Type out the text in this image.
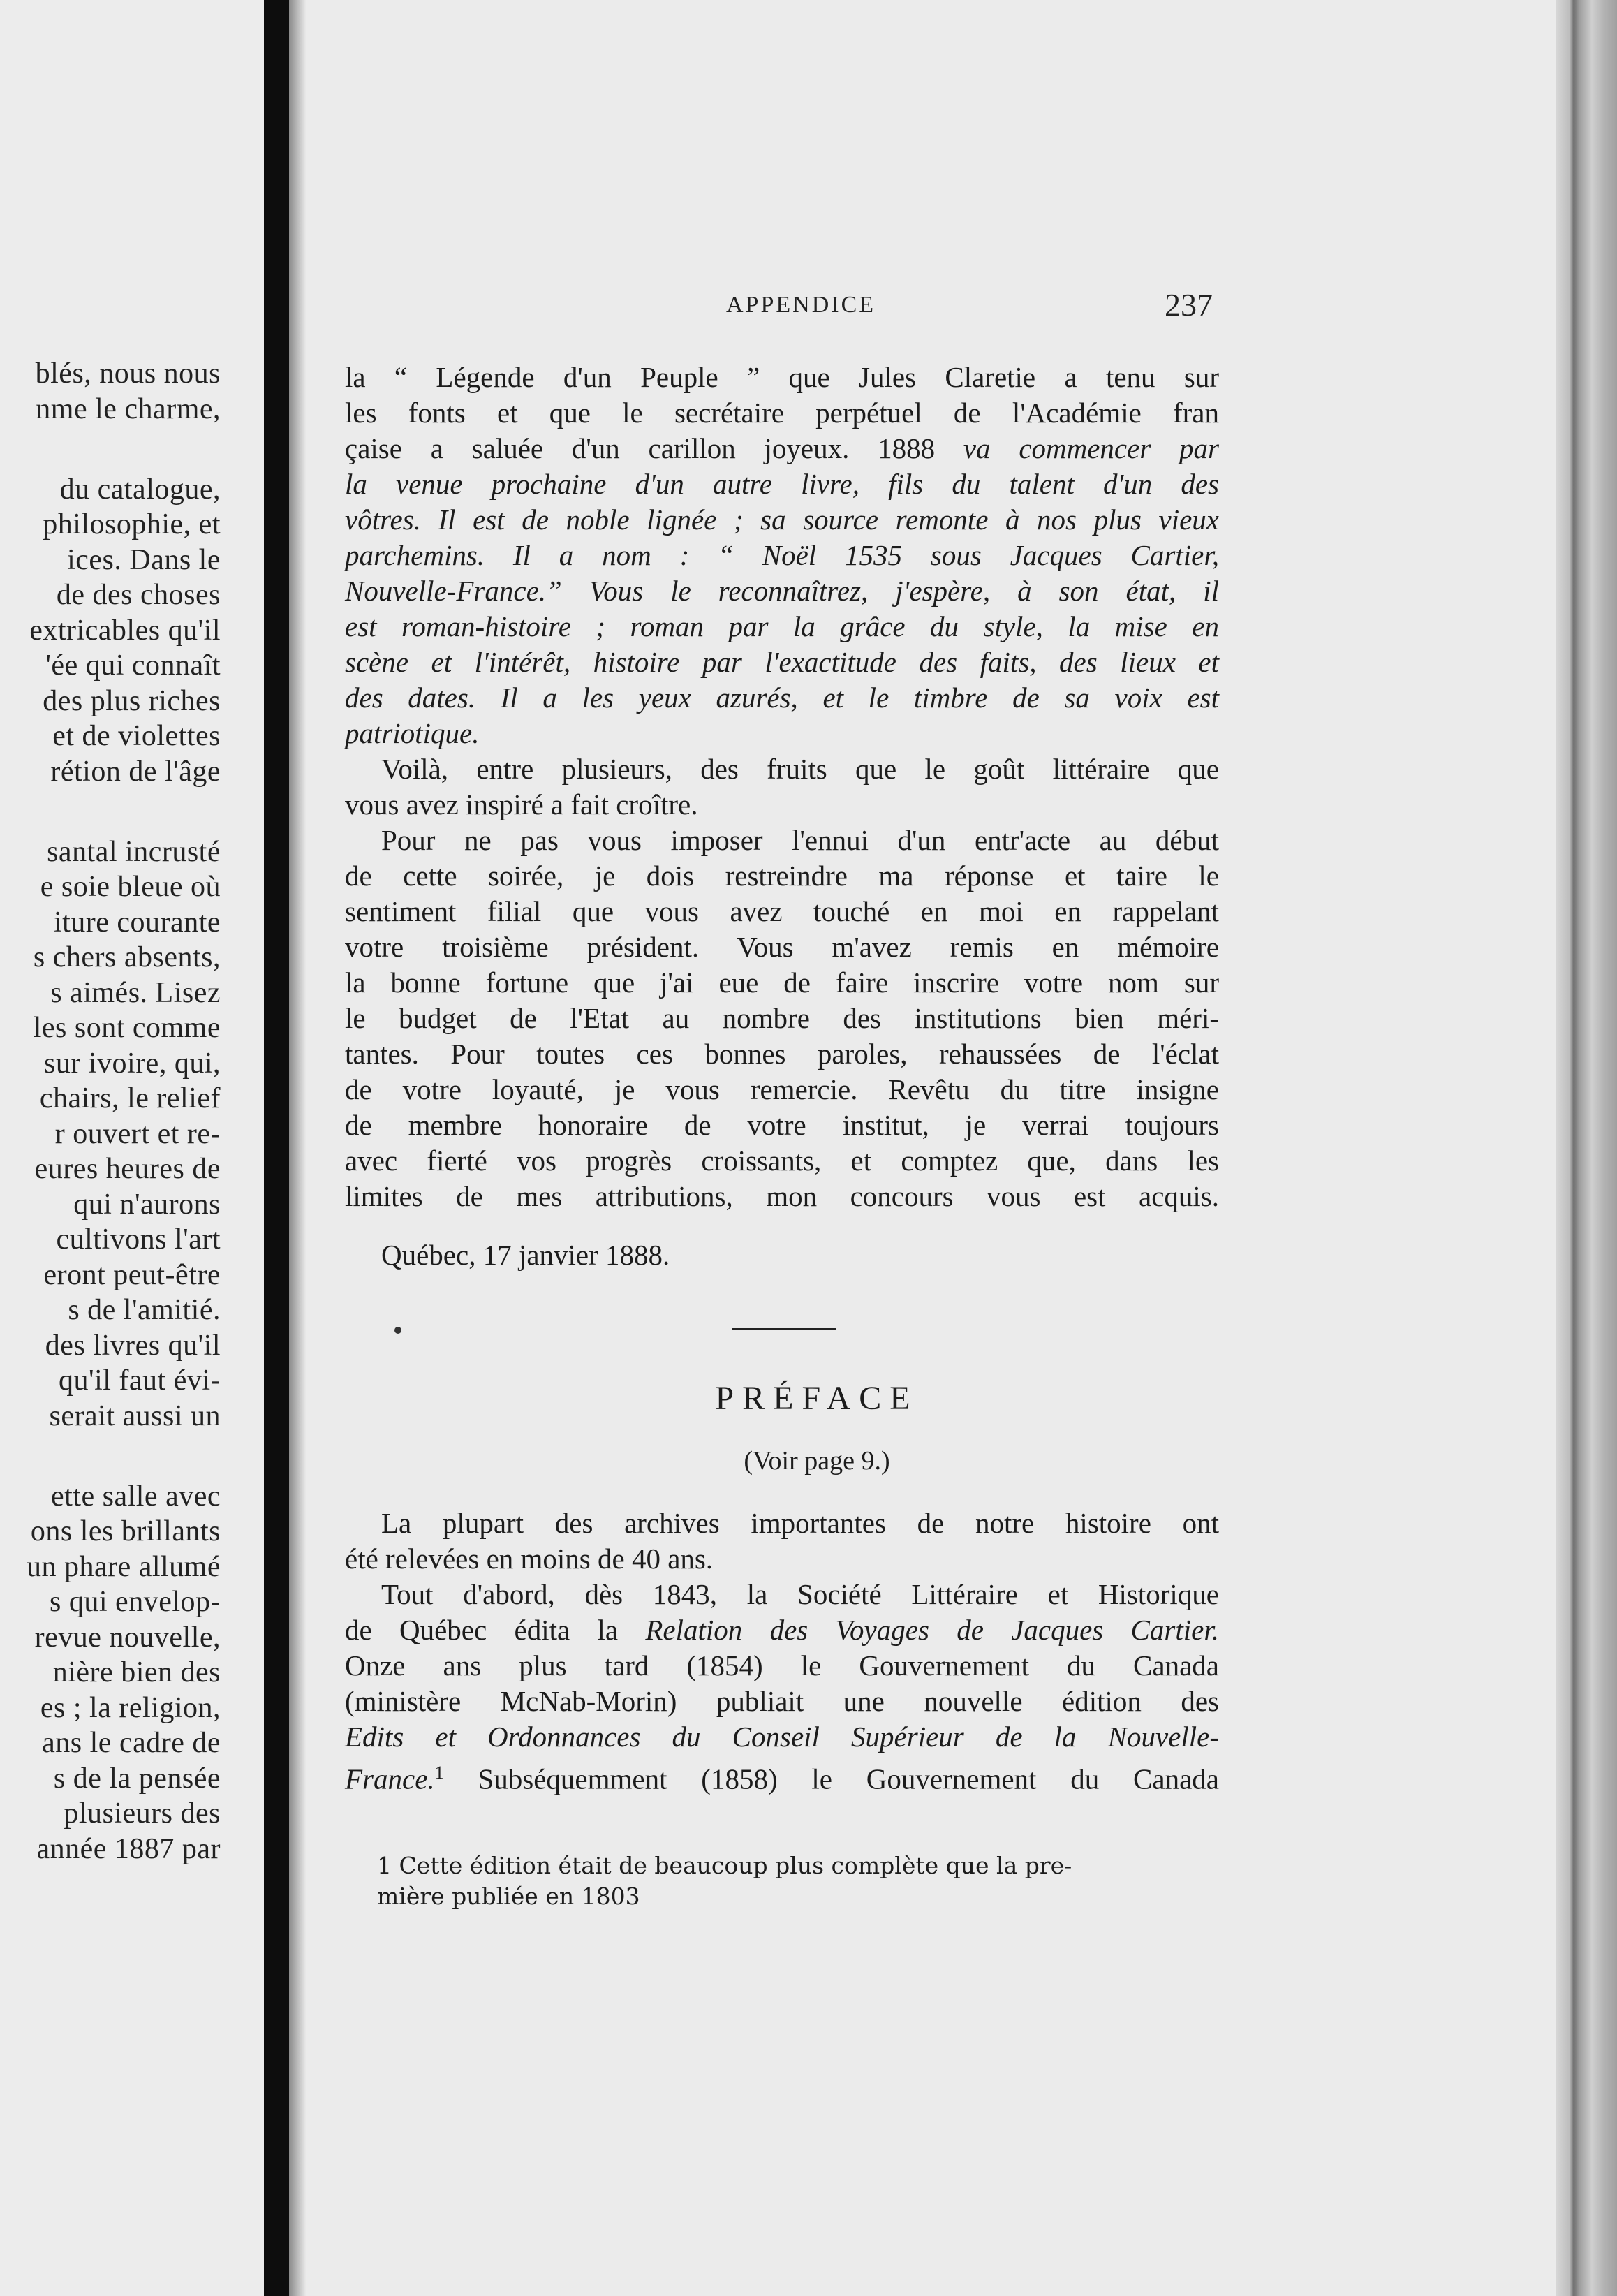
blés, nous nous
nme le charme,
du catalogue,
philosophie, et
ices. Dans le
de des choses
extricables qu'il
'ée qui connaît
des plus riches
et de violettes
rétion de l'âge
santal incrusté
e soie bleue où
iture courante
s chers absents,
s aimés. Lisez
les sont comme
sur ivoire, qui,
chairs, le relief
r ouvert et re-
eures heures de
qui n'aurons
cultivons l'art
eront peut-être
s de l'amitié.
des livres qu'il
qu'il faut évi-
serait aussi un
ette salle avec
ons les brillants
un phare allumé
s qui envelop-
revue nouvelle,
nière bien des
es ; la religion,
ans le cadre de
s de la pensée
plusieurs des
année 1887 par
APPENDICE	237
la “ Légende d'un Peuple ” que Jules Claretie a tenu sur
les fonts et que le secrétaire perpétuel de l'Académie fran
çaise a saluée d'un carillon joyeux. 1888 va commencer par
la venue prochaine d'un autre livre, fils du talent d'un des
vôtres. Il est de noble lignée ; sa source remonte à nos plus vieux
parchemins. Il a nom : “ Noël 1535 sous Jacques Cartier,
Nouvelle-France.” Vous le reconnaîtrez, j'espère, à son état, il
est roman-histoire ; roman par la grâce du style, la mise en
scène et l'intérêt, histoire par l'exactitude des faits, des lieux et
des dates. Il a les yeux azurés, et le timbre de sa voix est
patriotique.
Voilà, entre plusieurs, des fruits que le goût littéraire que
vous avez inspiré a fait croître.
Pour ne pas vous imposer l'ennui d'un entr'acte au début
de cette soirée, je dois restreindre ma réponse et taire le
sentiment filial que vous avez touché en moi en rappelant
votre troisième président. Vous m'avez remis en mémoire
la bonne fortune que j'ai eue de faire inscrire votre nom sur
le budget de l'Etat au nombre des institutions bien méri-
tantes. Pour toutes ces bonnes paroles, rehaussées de l'éclat
de votre loyauté, je vous remercie. Revêtu du titre insigne
de membre honoraire de votre institut, je verrai toujours
avec fierté vos progrès croissants, et comptez que, dans les
limites de mes attributions, mon concours vous est acquis.
Québec, 17 janvier 1888.
PRÉFACE
(Voir page 9.)
La plupart des archives importantes de notre histoire ont
été relevées en moins de 40 ans.
Tout d'abord, dès 1843, la Société Littéraire et Historique
de Québec édita la Relation des Voyages de Jacques Cartier.
Onze ans plus tard (1854) le Gouvernement du Canada
(ministère McNab-Morin) publiait une nouvelle édition des
Edits et Ordonnances du Conseil Supérieur de la Nouvelle-
France.$^1$ Subséquemment (1858) le Gouvernement du Canada
1 Cette édition était de beaucoup plus complète que la pre-
mière publiée en 1803
